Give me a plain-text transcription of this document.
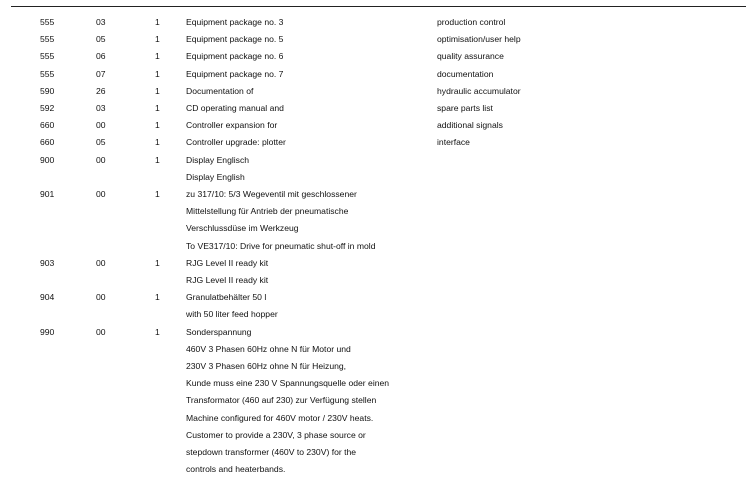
555	03	1	Equipment package no. 3	production control
555	05	1	Equipment package no. 5	optimisation/user help
555	06	1	Equipment package no. 6	quality assurance
555	07	1	Equipment package no. 7	documentation
590	26	1	Documentation of	hydraulic accumulator
592	03	1	CD operating manual and	spare parts list
660	00	1	Controller expansion for	additional signals
660	05	1	Controller upgrade: plotter	interface
900	00	1	Display Englisch
Display English
901	00	1	zu 317/10: 5/3 Wegeventil mit geschlossener
Mittelstellung für Antrieb der pneumatische
Verschlussdüse im Werkzeug
To VE317/10: Drive for pneumatic shut-off in mold
903	00	1	RJG Level II ready kit
RJG Level II ready kit
904	00	1	Granulatbehälter 50 l
with 50 liter feed hopper
990	00	1	Sonderspannung
460V 3 Phasen 60Hz ohne N für Motor und
230V 3 Phasen 60Hz ohne N für Heizung,
Kunde muss eine 230 V Spannungsquelle oder einen
Transformator (460 auf 230) zur Verfügung stellen
Machine configured for 460V motor / 230V heats.
Customer to provide a 230V, 3 phase source or
stepdown transformer (460V to 230V) for the
controls and heaterbands.
